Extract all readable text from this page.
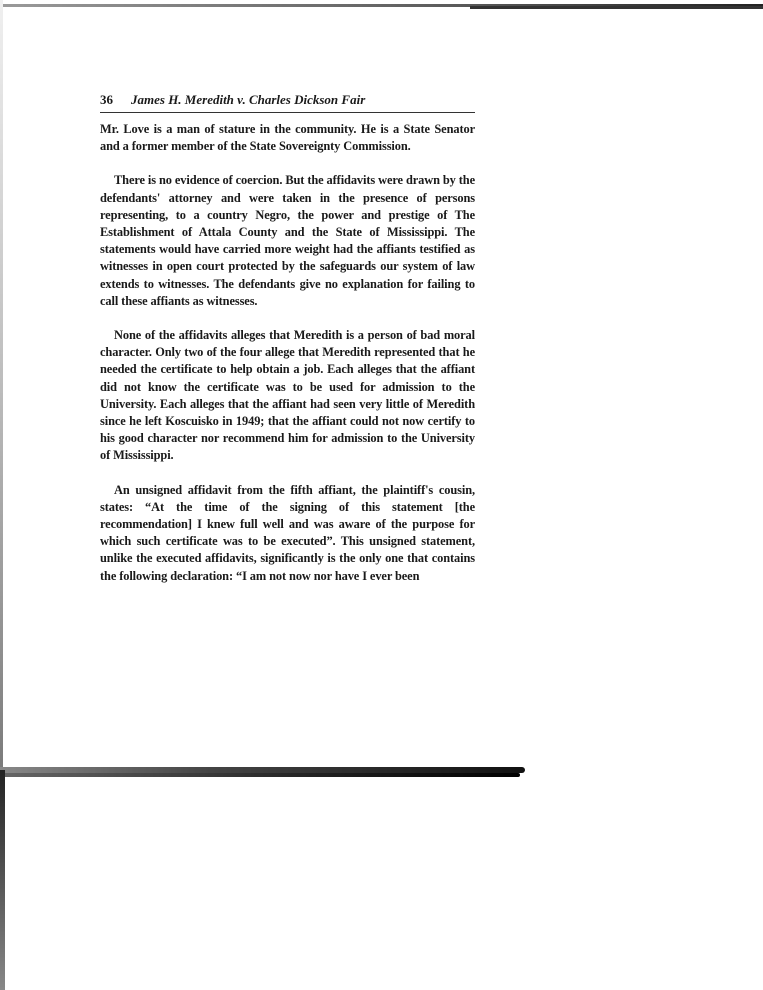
36 James H. Meredith v. Charles Dickson Fair

Mr. Love is a man of stature in the community. He is a State Senator and a former member of the State Sovereignty Commission.

There is no evidence of coercion. But the affidavits were drawn by the defendants' attorney and were taken in the presence of persons representing, to a country Negro, the power and prestige of The Establishment of Attala County and the State of Mississippi. The statements would have carried more weight had the affiants testified as witnesses in open court protected by the safeguards our system of law extends to witnesses. The defendants give no explanation for failing to call these affiants as witnesses.

None of the affidavits alleges that Meredith is a person of bad moral character. Only two of the four allege that Meredith represented that he needed the certificate to help obtain a job. Each alleges that the affiant did not know the certificate was to be used for admission to the University. Each alleges that the affiant had seen very little of Meredith since he left Koscuisko in 1949; that the affiant could not now certify to his good character nor recommend him for admission to the University of Mississippi.

An unsigned affidavit from the fifth affiant, the plaintiff's cousin, states: “At the time of the signing of this statement [the recommendation] I knew full well and was aware of the purpose for which such certificate was to be executed”. This unsigned statement, unlike the executed affidavits, significantly is the only one that contains the following declaration: “I am not now nor have I ever been
